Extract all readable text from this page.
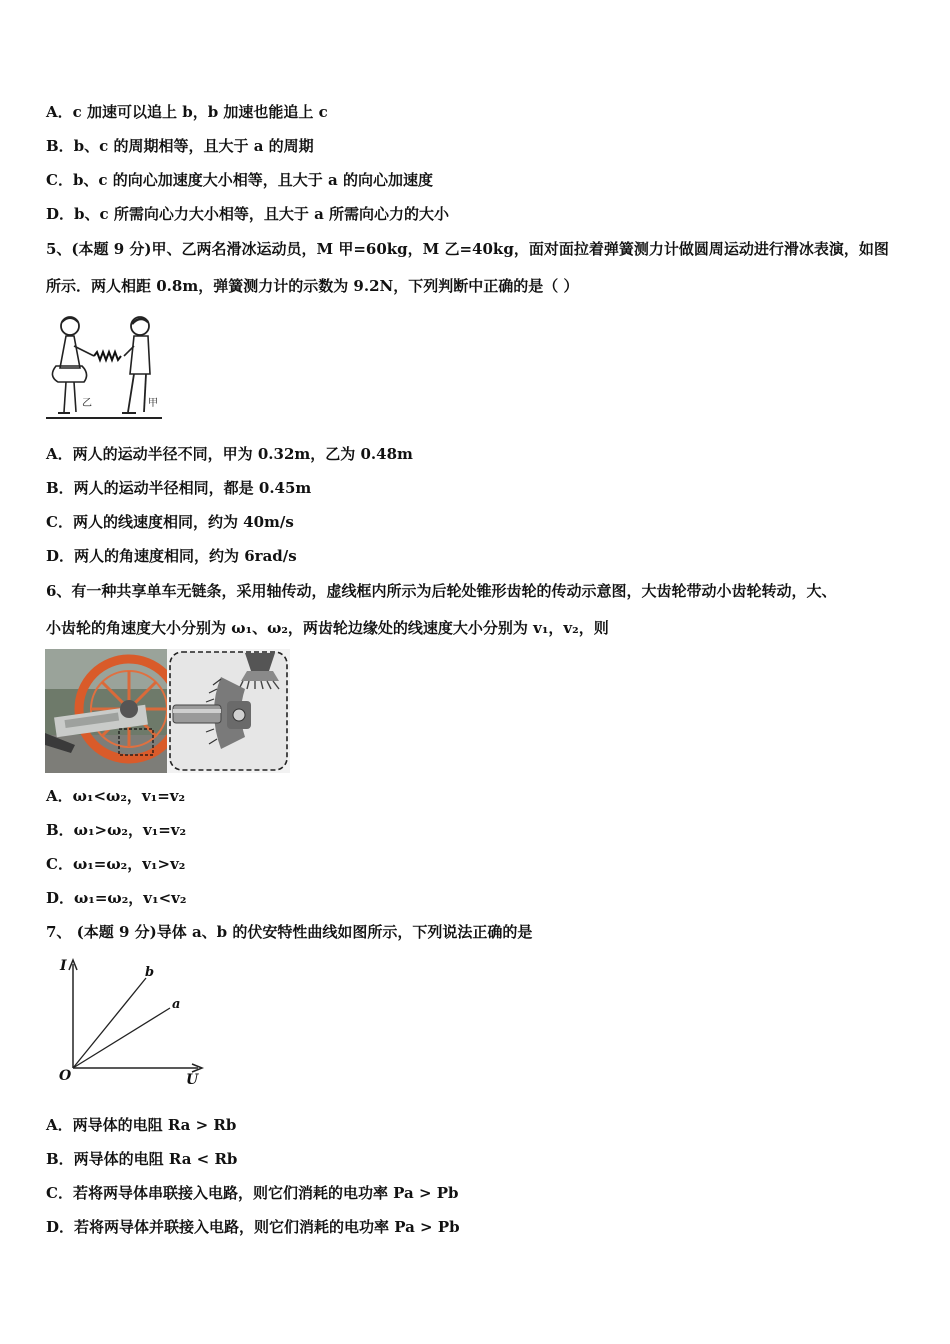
A．c 加速可以追上 b，b 加速也能追上 c
B．b、c 的周期相等，且大于 a 的周期
C．b、c 的向心加速度大小相等，且大于 a 的向心加速度
D．b、c 所需向心力大小相等，且大于 a 所需向心力的大小
5、(本题 9 分)甲、乙两名滑冰运动员，M 甲=60kg，M 乙=40kg，面对面拉着弹簧测力计做圆周运动进行滑冰表演，如图
所示．两人相距 0.8m，弹簧测力计的示数为 9.2N，下列判断中正确的是（ ）
乙	甲
A．两人的运动半径不同，甲为 0.32m，乙为 0.48m
B．两人的运动半径相同，都是 0.45m
C．两人的线速度相同，约为 40m/s
D．两人的角速度相同，约为 6rad/s
6、有一种共享单车无链条，采用轴传动，虚线框内所示为后轮处锥形齿轮的传动示意图，大齿轮带动小齿轮转动，大、
小齿轮的角速度大小分别为 ω₁、ω₂，两齿轮边缘处的线速度大小分别为 v₁，v₂，则
A．ω₁<ω₂，v₁=v₂
B．ω₁>ω₂，v₁=v₂
C．ω₁=ω₂，v₁>v₂
D．ω₁=ω₂，v₁<v₂
7、 (本题 9 分)导体 a、b 的伏安特性曲线如图所示，下列说法正确的是
I
U
O
b
a
A．两导体的电阻 Ra > Rb
B．两导体的电阻 Ra < Rb
C．若将两导体串联接入电路，则它们消耗的电功率 Pa > Pb
D．若将两导体并联接入电路，则它们消耗的电功率 Pa > Pb
